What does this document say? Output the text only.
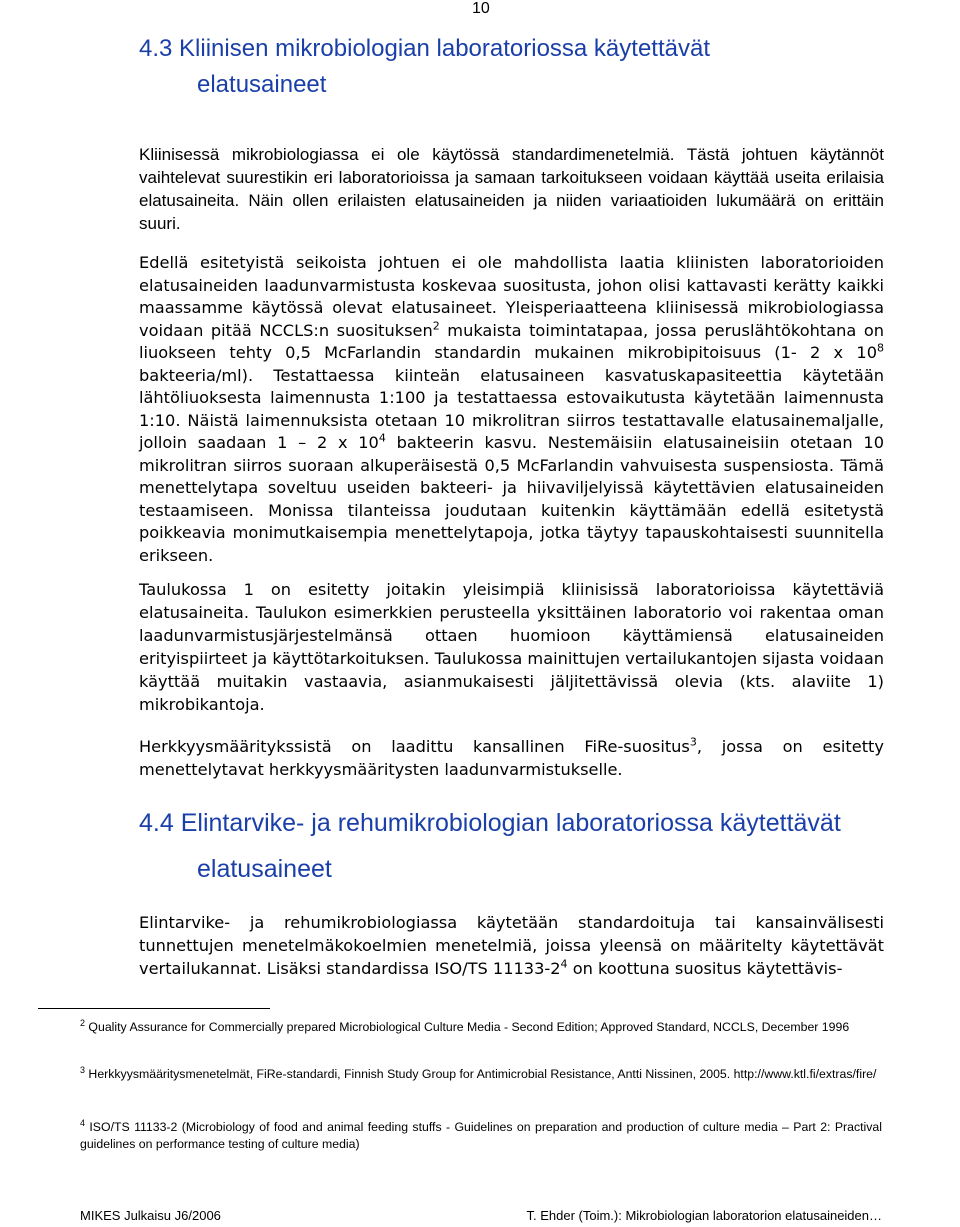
10
4.3 Kliinisen mikrobiologian laboratoriossa käytettävät
elatusaineet

Kliinisessä mikrobiologiassa ei ole käytössä standardimenetelmiä. Tästä johtuen käytännöt vaihtelevat suurestikin eri laboratorioissa ja samaan tarkoitukseen voidaan käyttää useita erilaisia elatusaineita. Näin ollen erilaisten elatusaineiden ja niiden variaatioiden lukumäärä on erittäin suuri.

Edellä esitetyistä seikoista johtuen ei ole mahdollista laatia kliinisten laboratorioiden elatusaineiden laadunvarmistusta koskevaa suositusta, johon olisi kattavasti kerätty kaikki maassamme käytössä olevat elatusaineet. Yleisperiaatteena kliinisessä mikrobiologiassa voidaan pitää NCCLS:n suosituksen$^2$ mukaista toimintatapaa, jossa peruslähtökohtana on liuokseen tehty 0,5 McFarlandin standardin mukainen mikrobipitoisuus (1- 2 x $10^8$ bakteeria/ml). Testattaessa kiinteän elatusaineen kasvatuskapasiteettia käytetään lähtöliuoksesta laimennusta 1:100 ja testattaessa estovaikutusta käytetään laimennusta 1:10. Näistä laimennuksista otetaan 10 mikrolitran siirros testattavalle elatusainemaljalle, jolloin saadaan 1 – 2 x $10^4$ bakteerin kasvu. Nestemäisiin elatusaineisiin otetaan 10 mikrolitran siirros suoraan alkuperäisestä 0,5 McFarlandin vahvuisesta suspensiosta. Tämä menettelytapa soveltuu useiden bakteeri- ja hiivaviljelyissä käytettävien elatusaineiden testaamiseen. Monissa tilanteissa joudutaan kuitenkin käyttämään edellä esitetystä poikkeavia monimutkaisempia menettelytapoja, jotka täytyy tapauskohtaisesti suunnitella erikseen.

Taulukossa 1 on esitetty joitakin yleisimpiä kliinisissä laboratorioissa käytettäviä elatusaineita. Taulukon esimerkkien perusteella yksittäinen laboratorio voi rakentaa oman laadunvarmistusjärjestelmänsä ottaen huomioon käyttämiensä elatusaineiden erityispiirteet ja käyttötarkoituksen. Taulukossa mainittujen vertailukantojen sijasta voidaan käyttää muitakin vastaavia, asianmukaisesti jäljitettävissä olevia (kts. alaviite 1) mikrobikantoja.

Herkkyysmääritykssistä on laadittu kansallinen FiRe-suositus$^3$, jossa on esitetty menettelytavat herkkyysmääritysten laadunvarmistukselle.

4.4 Elintarvike- ja rehumikrobiologian laboratoriossa käytettävät
elatusaineet

Elintarvike- ja rehumikrobiologiassa käytetään standardoituja tai kansainvälisesti tunnettujen menetelmäkokoelmien menetelmiä, joissa yleensä on määritelty käytettävät vertailukannat. Lisäksi standardissa ISO/TS $11133-2^4$ on koottuna suositus käytettävis-

$^2$ Quality Assurance for Commercially prepared Microbiological Culture Media - Second Edition; Approved Standard, NCCLS, December 1996

$^3$ Herkkyysmääritysmenetelmät, FiRe-standardi, Finnish Study Group for Antimicrobial Resistance, Antti Nissinen, 2005. http://www.ktl.fi/extras/fire/

$^4$ ISO/TS 11133-2 (Microbiology of food and animal feeding stuffs - Guidelines on preparation and production of culture media – Part 2: Practival guidelines on performance testing of culture media)

MIKES Julkaisu J6/2006	T. Ehder (Toim.): Mikrobiologian laboratorion elatusaineiden…
